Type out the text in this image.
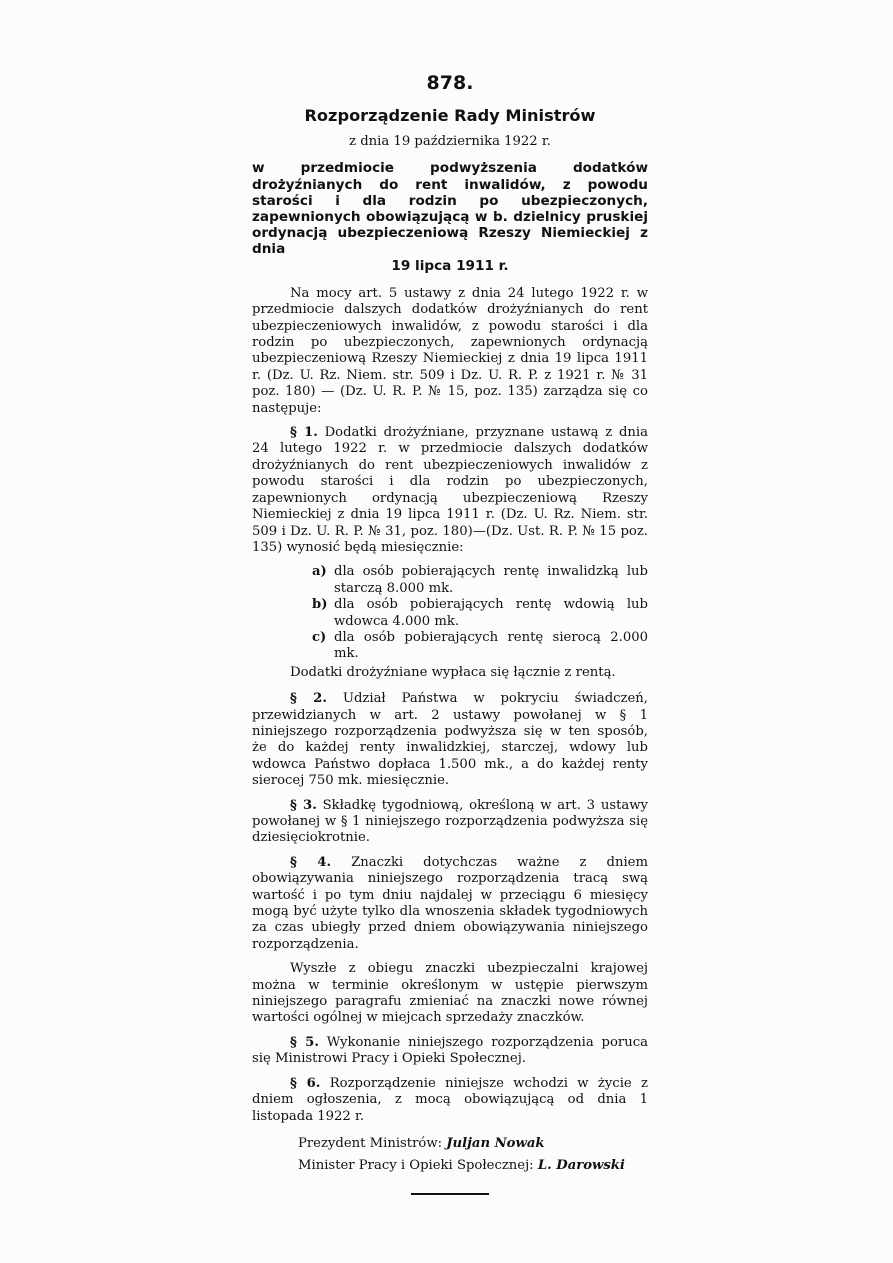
878.
Rozporządzenie Rady Ministrów
z dnia 19 października 1922 r.
w przedmiocie podwyższenia dodatków drożyźnianych do rent inwalidów, z powodu starości i dla rodzin po ubezpieczonych, zapewnionych obowiązującą w b. dzielnicy pruskiej ordynacją ubezpieczeniową Rzeszy Niemieckiej z dnia
19 lipca 1911 r.

Na mocy art. 5 ustawy z dnia 24 lutego 1922 r. w przedmiocie dalszych dodatków drożyźnianych do rent ubezpieczeniowych inwalidów, z powodu starości i dla rodzin po ubezpieczonych, zapewnionych ordynacją ubezpieczeniową Rzeszy Niemieckiej z dnia 19 lipca 1911 r. (Dz. U. Rz. Niem. str. 509 i Dz. U. R. P. z 1921 r. № 31 poz. 180) — (Dz. U. R. P. № 15, poz. 135) zarządza się co następuje:

§ 1. Dodatki drożyźniane, przyznane ustawą z dnia 24 lutego 1922 r. w przedmiocie dalszych dodatków drożyźnianych do rent ubezpieczeniowych inwalidów z powodu starości i dla rodzin po ubezpieczonych, zapewnionych ordynacją ubezpieczeniową Rzeszy Niemieckiej z dnia 19 lipca 1911 r. (Dz. U. Rz. Niem. str. 509 i Dz. U. R. P. № 31, poz. 180)—(Dz. Ust. R. P. № 15 poz. 135) wynosić będą miesięcznie:

a) dla osób pobierających rentę inwalidzką lub starczą 8.000 mk.
b) dla osób pobierających rentę wdowią lub wdowca 4.000 mk.
c) dla osób pobierających rentę sierocą 2.000 mk.

Dodatki drożyźniane wypłaca się łącznie z rentą.

§ 2. Udział Państwa w pokryciu świadczeń, przewidzianych w art. 2 ustawy powołanej w § 1 niniejszego rozporządzenia podwyższa się w ten sposób, że do każdej renty inwalidzkiej, starczej, wdowy lub wdowca Państwo dopłaca 1.500 mk., a do każdej renty sierocej 750 mk. miesięcznie.

§ 3. Składkę tygodniową, określoną w art. 3 ustawy powołanej w § 1 niniejszego rozporządzenia podwyższa się dziesięciokrotnie.

§ 4. Znaczki dotychczas ważne z dniem obowiązywania niniejszego rozporządzenia tracą swą wartość i po tym dniu najdalej w przeciągu 6 miesięcy mogą być użyte tylko dla wnoszenia składek tygodniowych za czas ubiegły przed dniem obowiązywania niniejszego rozporządzenia.

Wyszłe z obiegu znaczki ubezpieczalni krajowej można w terminie określonym w ustępie pierwszym niniejszego paragrafu zmieniać na znaczki nowe równej wartości ogólnej w miejcach sprzedaży znaczków.

§ 5. Wykonanie niniejszego rozporządzenia poruca się Ministrowi Pracy i Opieki Społecznej.

§ 6. Rozporządzenie niniejsze wchodzi w życie z dniem ogłoszenia, z mocą obowiązującą od dnia 1 listopada 1922 r.

Prezydent Ministrów: Juljan Nowak
Minister Pracy i Opieki Społecznej: L. Darowski
